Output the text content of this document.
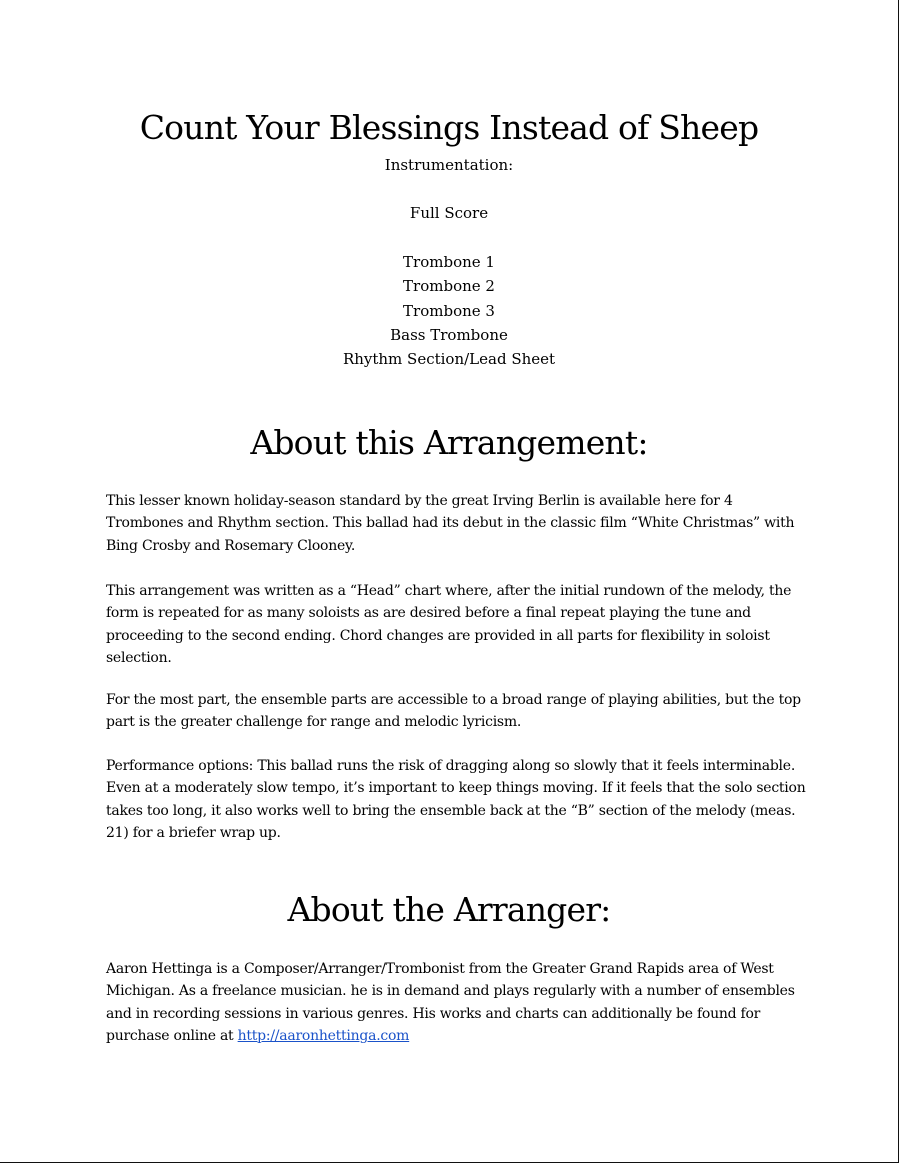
Count Your Blessings Instead of Sheep
Instrumentation:
Full Score
Trombone 1
Trombone 2
Trombone 3
Bass Trombone
Rhythm Section/Lead Sheet
About this Arrangement:

This lesser known holiday-season standard by the great Irving Berlin is available here for 4 Trombones and Rhythm section. This ballad had its debut in the classic film “White Christmas” with Bing Crosby and Rosemary Clooney.

This arrangement was written as a “Head” chart where, after the initial rundown of the melody, the form is repeated for as many soloists as are desired before a final repeat playing the tune and proceeding to the second ending. Chord changes are provided in all parts for flexibility in soloist selection.

For the most part, the ensemble parts are accessible to a broad range of playing abilities, but the top part is the greater challenge for range and melodic lyricism.

Performance options: This ballad runs the risk of dragging along so slowly that it feels interminable. Even at a moderately slow tempo, it’s important to keep things moving. If it feels that the solo section takes too long, it also works well to bring the ensemble back at the “B” section of the melody (meas. 21) for a briefer wrap up.

About the Arranger:

Aaron Hettinga is a Composer/Arranger/Trombonist from the Greater Grand Rapids area of West Michigan. As a freelance musician. he is in demand and plays regularly with a number of ensembles and in recording sessions in various genres. His works and charts can additionally be found for purchase online at http://aaronhettinga.com
